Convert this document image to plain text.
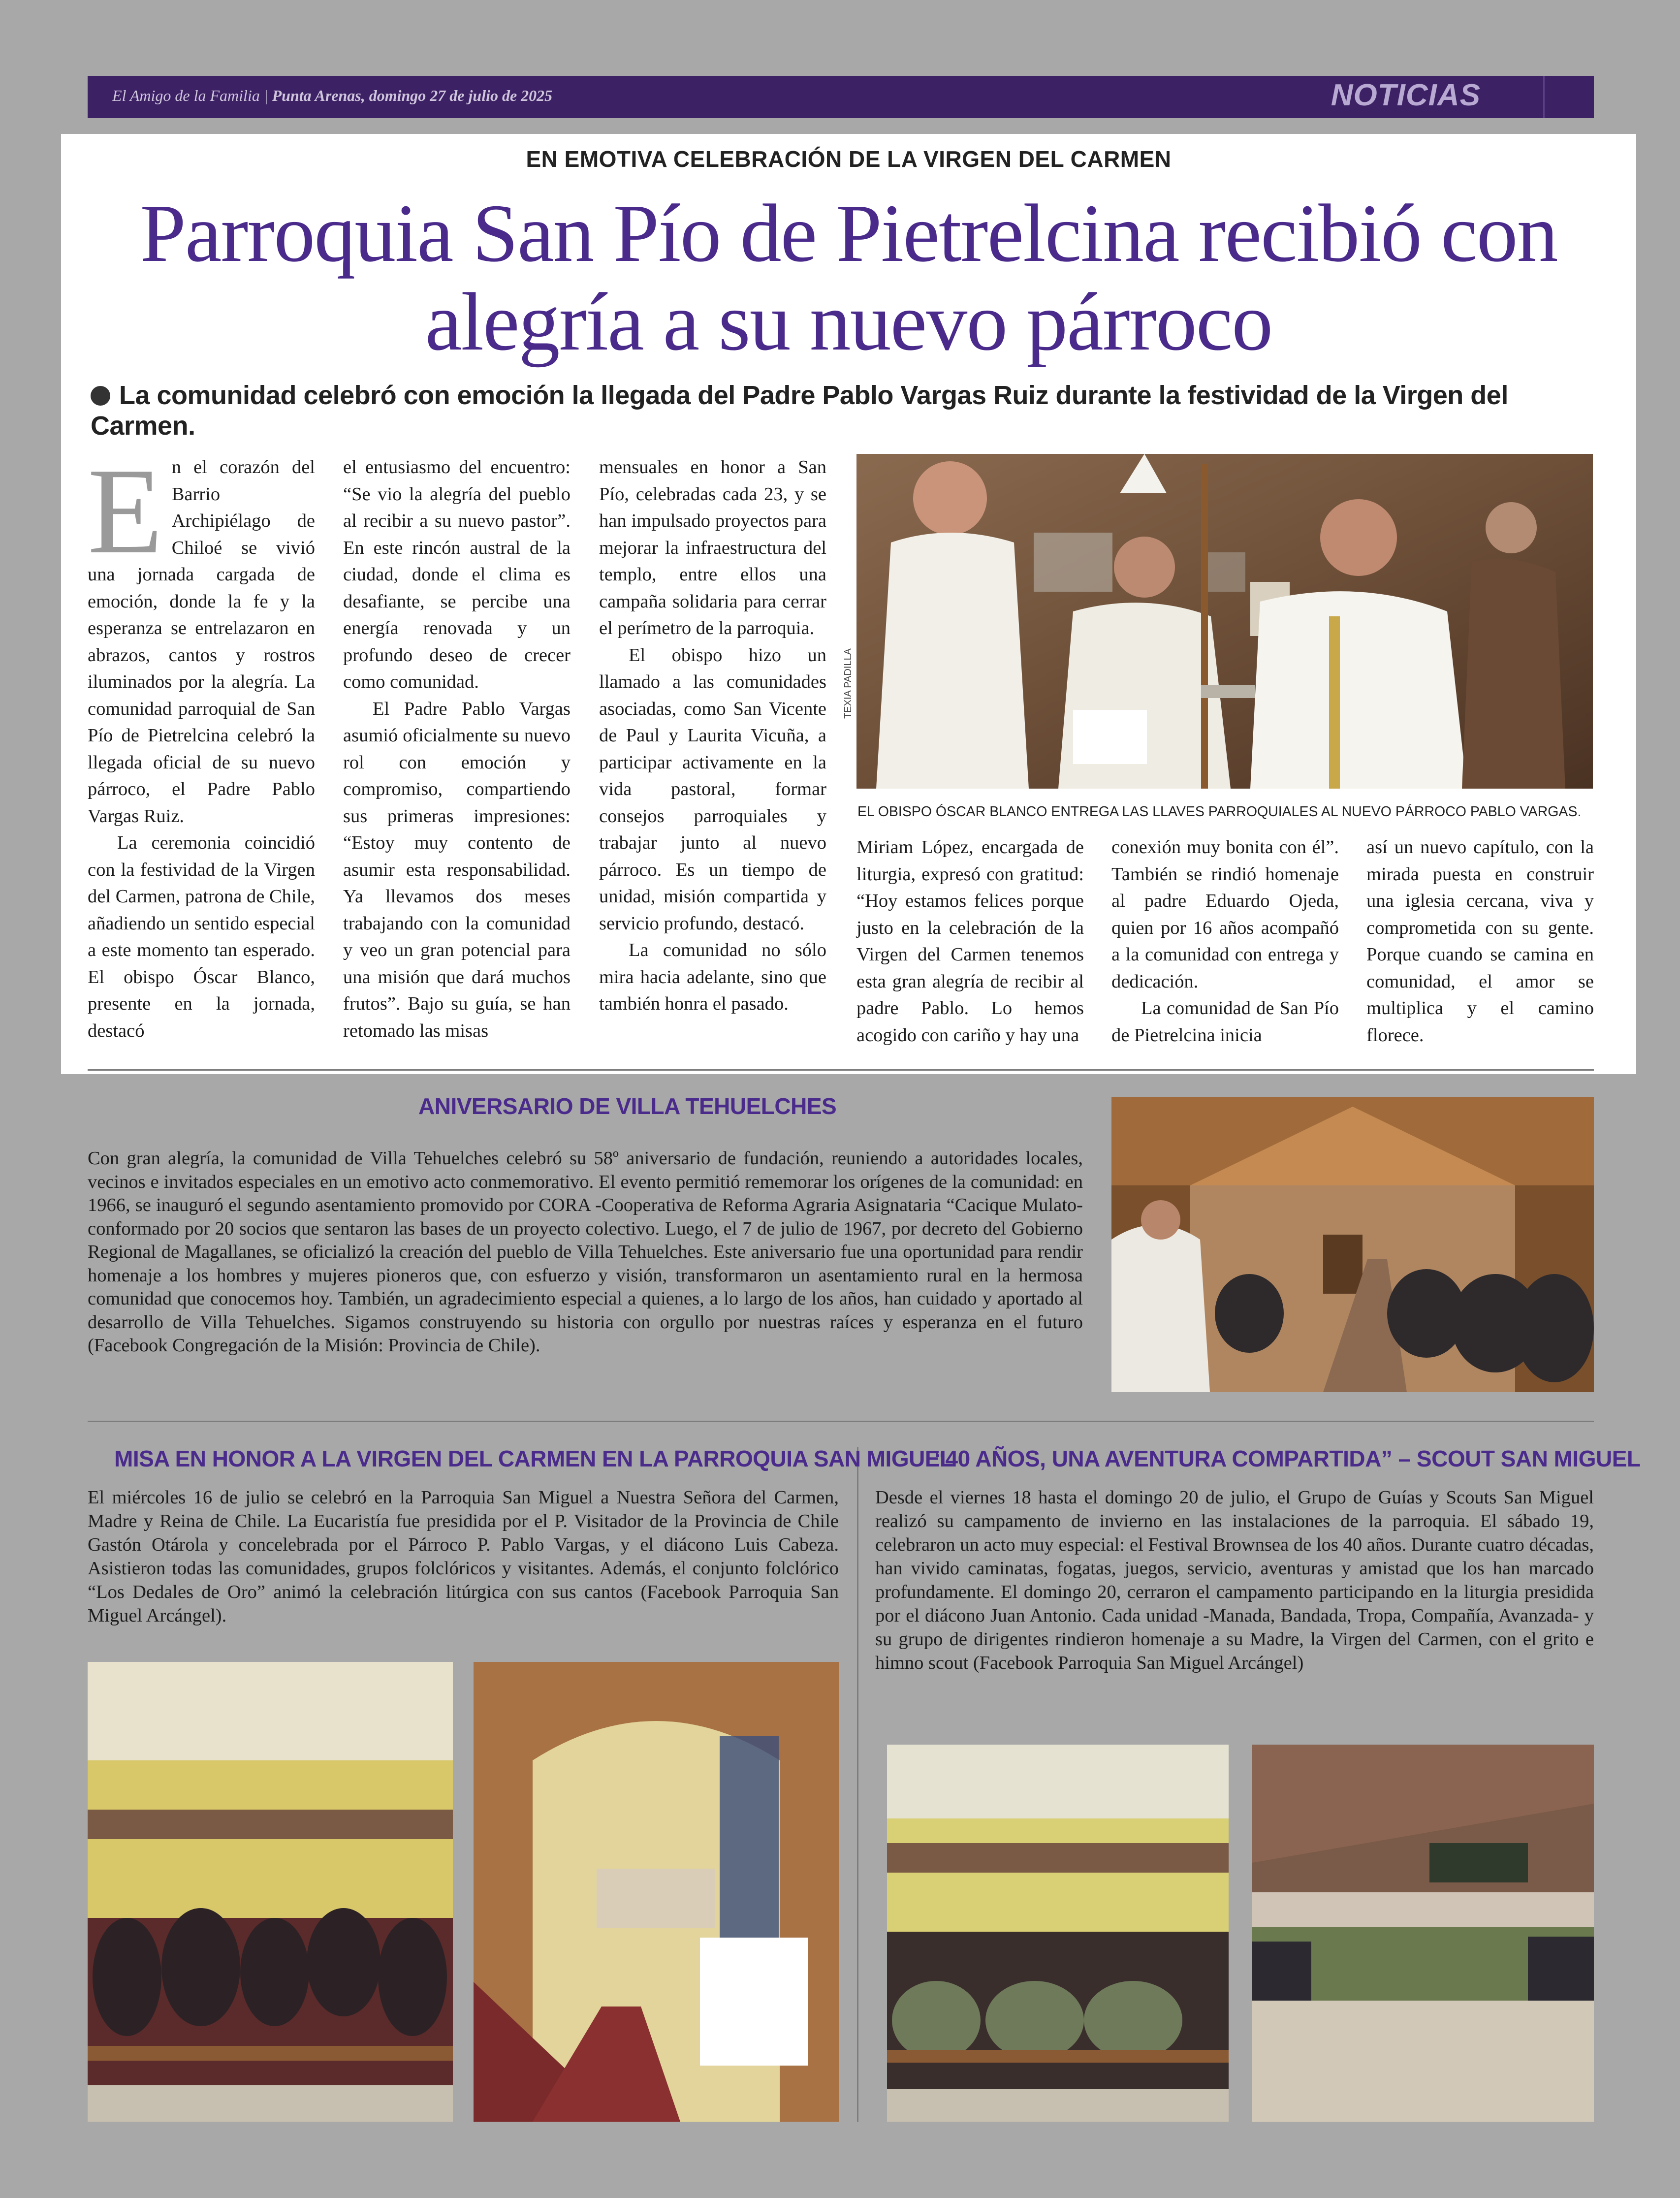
El Amigo de la Familia | Punta Arenas, domingo 27 de julio de 2025	NOTICIAS
EN EMOTIVA CELEBRACIÓN DE LA VIRGEN DEL CARMEN
Parroquia San Pío de Pietrelcina recibió con
alegría a su nuevo párroco
La comunidad celebró con emoción la llegada del Padre Pablo Vargas Ruiz durante la festividad de la Virgen del Carmen.

En el corazón del Barrio Archipiélago de Chiloé se vivió una jornada cargada de emoción, donde la fe y la esperanza se entrelazaron en abrazos, cantos y rostros iluminados por la alegría. La comunidad parroquial de San Pío de Pietrelcina celebró la llegada oficial de su nuevo párroco, el Padre Pablo Vargas Ruiz.

La ceremonia coincidió con la festividad de la Virgen del Carmen, patrona de Chile, añadiendo un sentido especial a este momento tan esperado. El obispo Óscar Blanco, presente en la jornada, destacó

el entusiasmo del encuentro: “Se vio la alegría del pueblo al recibir a su nuevo pastor”. En este rincón austral de la ciudad, donde el clima es desafiante, se percibe una energía renovada y un profundo deseo de crecer como comunidad.

El Padre Pablo Vargas asumió oficialmente su nuevo rol con emoción y compromiso, compartiendo sus primeras impresiones: “Estoy muy contento de asumir esta responsabilidad. Ya llevamos dos meses trabajando con la comunidad y veo un gran potencial para una misión que dará muchos frutos”. Bajo su guía, se han retomado las misas

mensuales en honor a San Pío, celebradas cada 23, y se han impulsado proyectos para mejorar la infraestructura del templo, entre ellos una campaña solidaria para cerrar el perímetro de la parroquia.

El obispo hizo un llamado a las comunidades asociadas, como San Vicente de Paul y Laurita Vicuña, a participar activamente en la vida pastoral, formar consejos parroquiales y trabajar junto al nuevo párroco. Es un tiempo de unidad, misión compartida y servicio profundo, destacó.

La comunidad no sólo mira hacia adelante, sino que también honra el pasado.

TEXIA PADILLA
EL OBISPO ÓSCAR BLANCO ENTREGA LAS LLAVES PARROQUIALES AL NUEVO PÁRROCO PABLO VARGAS.

Miriam López, encargada de liturgia, expresó con gratitud: “Hoy estamos felices porque justo en la celebración de la Virgen del Carmen tenemos esta gran alegría de recibir al padre Pablo. Lo hemos acogido con cariño y hay una

conexión muy bonita con él”. También se rindió homenaje al padre Eduardo Ojeda, quien por 16 años acompañó a la comunidad con entrega y dedicación.

La comunidad de San Pío de Pietrelcina inicia

así un nuevo capítulo, con la mirada puesta en construir una iglesia cercana, viva y comprometida con su gente. Porque cuando se camina en comunidad, el amor se multiplica y el camino florece.

ANIVERSARIO DE VILLA TEHUELCHES
Con gran alegría, la comunidad de Villa Tehuelches celebró su 58º aniversario de fundación, reuniendo a autoridades locales, vecinos e invitados especiales en un emotivo acto conmemorativo. El evento permitió rememorar los orígenes de la comunidad: en 1966, se inauguró el segundo asentamiento promovido por CORA -Cooperativa de Reforma Agraria Asignataria “Cacique Mulato- conformado por 20 socios que sentaron las bases de un proyecto colectivo. Luego, el 7 de julio de 1967, por decreto del Gobierno Regional de Magallanes, se oficializó la creación del pueblo de Villa Tehuelches. Este aniversario fue una oportunidad para rendir homenaje a los hombres y mujeres pioneros que, con esfuerzo y visión, transformaron un asentamiento rural en la hermosa comunidad que conocemos hoy. También, un agradecimiento especial a quienes, a lo largo de los años, han cuidado y aportado al desarrollo de Villa Tehuelches. Sigamos construyendo su historia con orgullo por nuestras raíces y esperanza en el futuro (Facebook Congregación de la Misión: Provincia de Chile).
MISA EN HONOR A LA VIRGEN DEL CARMEN EN LA PARROQUIA SAN MIGUEL
El miércoles 16 de julio se celebró en la Parroquia San Miguel a Nuestra Señora del Carmen, Madre y Reina de Chile. La Eucaristía fue presidida por el P. Visitador de la Provincia de Chile Gastón Otárola y concelebrada por el Párroco P. Pablo Vargas, y el diácono Luis Cabeza. Asistieron todas las comunidades, grupos folclóricos y visitantes. Además, el conjunto folclórico “Los Dedales de Oro” animó la celebración litúrgica con sus cantos (Facebook Parroquia San Miguel Arcángel).
“40 AÑOS, UNA AVENTURA COMPARTIDA” – SCOUT SAN MIGUEL
Desde el viernes 18 hasta el domingo 20 de julio, el Grupo de Guías y Scouts San Miguel realizó su campamento de invierno en las instalaciones de la parroquia. El sábado 19, celebraron un acto muy especial: el Festival Brownsea de los 40 años. Durante cuatro décadas, han vivido caminatas, fogatas, juegos, servicio, aventuras y amistad que los han marcado profundamente. El domingo 20, cerraron el campamento participando en la liturgia presidida por el diácono Juan Antonio. Cada unidad -Manada, Bandada, Tropa, Compañía, Avanzada- y su grupo de dirigentes rindieron homenaje a su Madre, la Virgen del Carmen, con el grito e himno scout (Facebook Parroquia San Miguel Arcángel)
